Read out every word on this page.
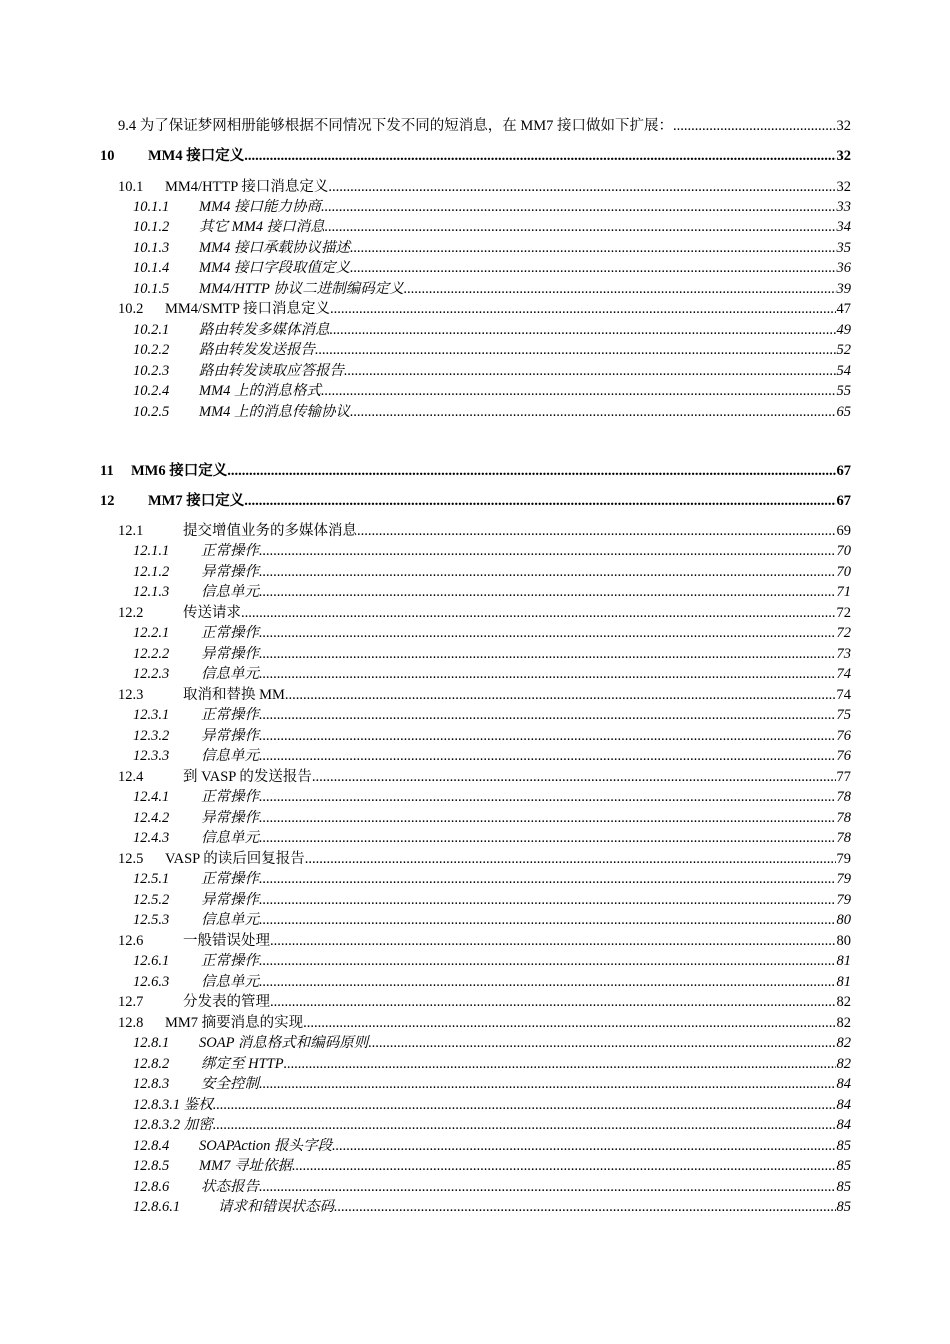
9.4 为了保证梦网相册能够根据不同情况下发不同的短消息，在 MM7 接口做如下扩展： .....	32
10 MM4 接口定义 .....	32
10.1 MM4/HTTP 接口消息定义 .....	32
10.1.1 MM4 接口能力协商 .....	33
10.1.2 其它 MM4 接口消息 .....	34
10.1.3 MM4 接口承载协议描述 .....	35
10.1.4 MM4 接口字段取值定义 .....	36
10.1.5 MM4/HTTP 协议二进制编码定义 .....	39
10.2 MM4/SMTP 接口消息定义 .....	47
10.2.1 路由转发多媒体消息 .....	49
10.2.2 路由转发发送报告 .....	52
10.2.3 路由转发读取应答报告 .....	54
10.2.4 MM4 上的消息格式 .....	55
10.2.5 MM4 上的消息传输协议 .....	65
11 MM6 接口定义 .....	67
12 MM7 接口定义 .....	67
12.1	提交增值业务的多媒体消息 .....	69
12.1.1 正常操作 .....	70
12.1.2 异常操作 .....	70
12.1.3 信息单元 .....	71
12.2	传送请求 .....	72
12.2.1 正常操作 .....	72
12.2.2 异常操作 .....	73
12.2.3 信息单元 .....	74
12.3	取消和替换 MM .....	74
12.3.1 正常操作 .....	75
12.3.2 异常操作 .....	76
12.3.3 信息单元 .....	76
12.4	到 VASP 的发送报告 .....	77
12.4.1 正常操作 .....	78
12.4.2 异常操作 .....	78
12.4.3 信息单元 .....	78
12.5 VASP 的读后回复报告 .....	79
12.5.1 正常操作 .....	79
12.5.2 异常操作 .....	79
12.5.3 信息单元 .....	80
12.6	一般错误处理 .....	80
12.6.1 正常操作 .....	81
12.6.3 信息单元 .....	81
12.7	分发表的管理 .....	82
12.8 MM7 摘要消息的实现 .....	82
12.8.1 SOAP 消息格式和编码原则 .....	82
12.8.2 绑定至 HTTP .....	82
12.8.3 安全控制 .....	84
12.8.3.1 鉴权 .....	84
12.8.3.2 加密 .....	84
12.8.4 SOAPAction 报头字段 .....	85
12.8.5 MM7 寻址依据 .....	85
12.8.6 状态报告 .....	85
12.8.6.1	请求和错误状态码 .....	85
